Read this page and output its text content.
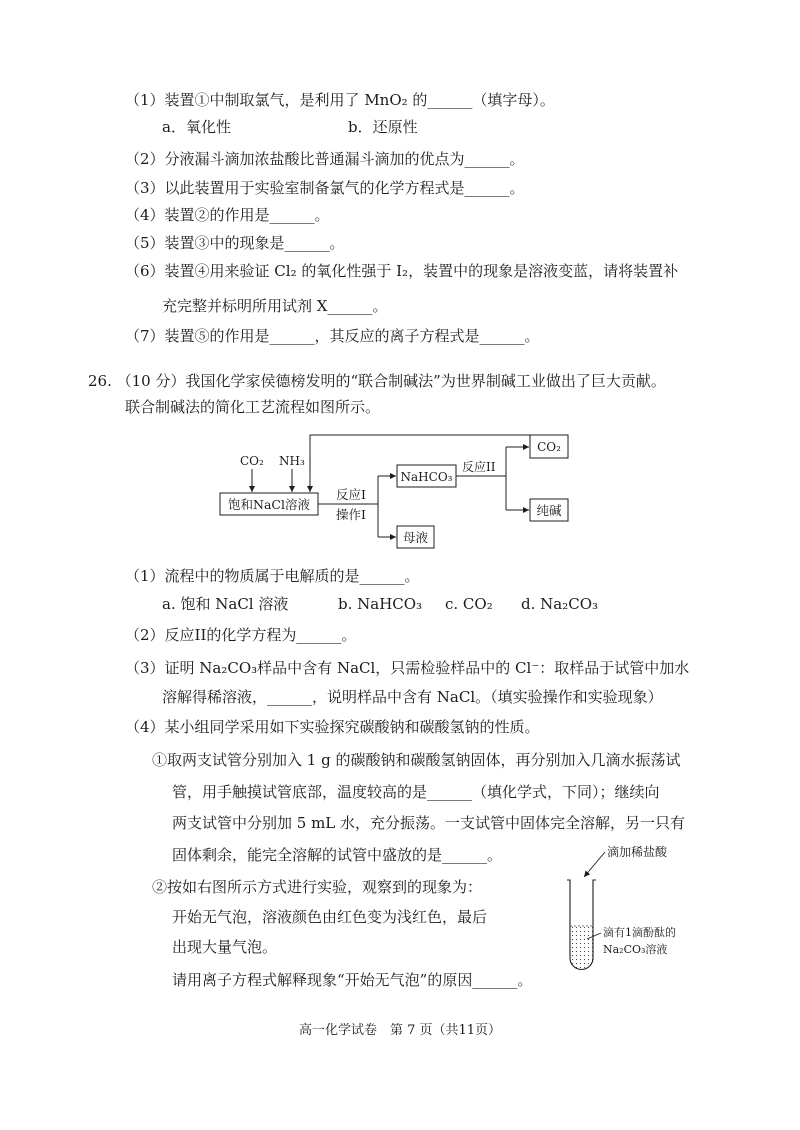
（1）装置①中制取氯气，是利用了 MnO₂ 的______（填字母）。
a．氧化性	b．还原性
（2）分液漏斗滴加浓盐酸比普通漏斗滴加的优点为______。
（3）以此装置用于实验室制备氯气的化学方程式是______。
（4）装置②的作用是______。
（5）装置③中的现象是______。
（6）装置④用来验证 Cl₂ 的氧化性强于 I₂，装置中的现象是溶液变蓝，请将装置补
充完整并标明所用试剂 X______。
（7）装置⑤的作用是______，其反应的离子方程式是______。
26. （10 分）我国化学家侯德榜发明的“联合制碱法”为世界制碱工业做出了巨大贡献。
联合制碱法的简化工艺流程如图所示。
CO₂ NH₃
饱和NaCl溶液
反应I
操作I
NaHCO₃
反应II
CO₂
纯碱
母液
（1）流程中的物质属于电解质的是______。
a. 饱和 NaCl 溶液	b. NaHCO₃ c. CO₂ d. Na₂CO₃
（2）反应II的化学方程为______。
（3）证明 Na₂CO₃样品中含有 NaCl，只需检验样品中的 Cl⁻：取样品于试管中加水
溶解得稀溶液，______，说明样品中含有 NaCl。（填实验操作和实验现象）
（4）某小组同学采用如下实验探究碳酸钠和碳酸氢钠的性质。
①取两支试管分别加入 1 g 的碳酸钠和碳酸氢钠固体，再分别加入几滴水振荡试
管，用手触摸试管底部，温度较高的是______（填化学式，下同）；继续向
两支试管中分别加 5 mL 水，充分振荡。一支试管中固体完全溶解，另一只有
固体剩余，能完全溶解的试管中盛放的是______。
②按如右图所示方式进行实验，观察到的现象为：
开始无气泡，溶液颜色由红色变为浅红色，最后
出现大量气泡。
请用离子方程式解释现象“开始无气泡”的原因______。
滴加稀盐酸
滴有1滴酚酞的
Na₂CO₃溶液
高一化学试卷　第 7 页（共11页）
